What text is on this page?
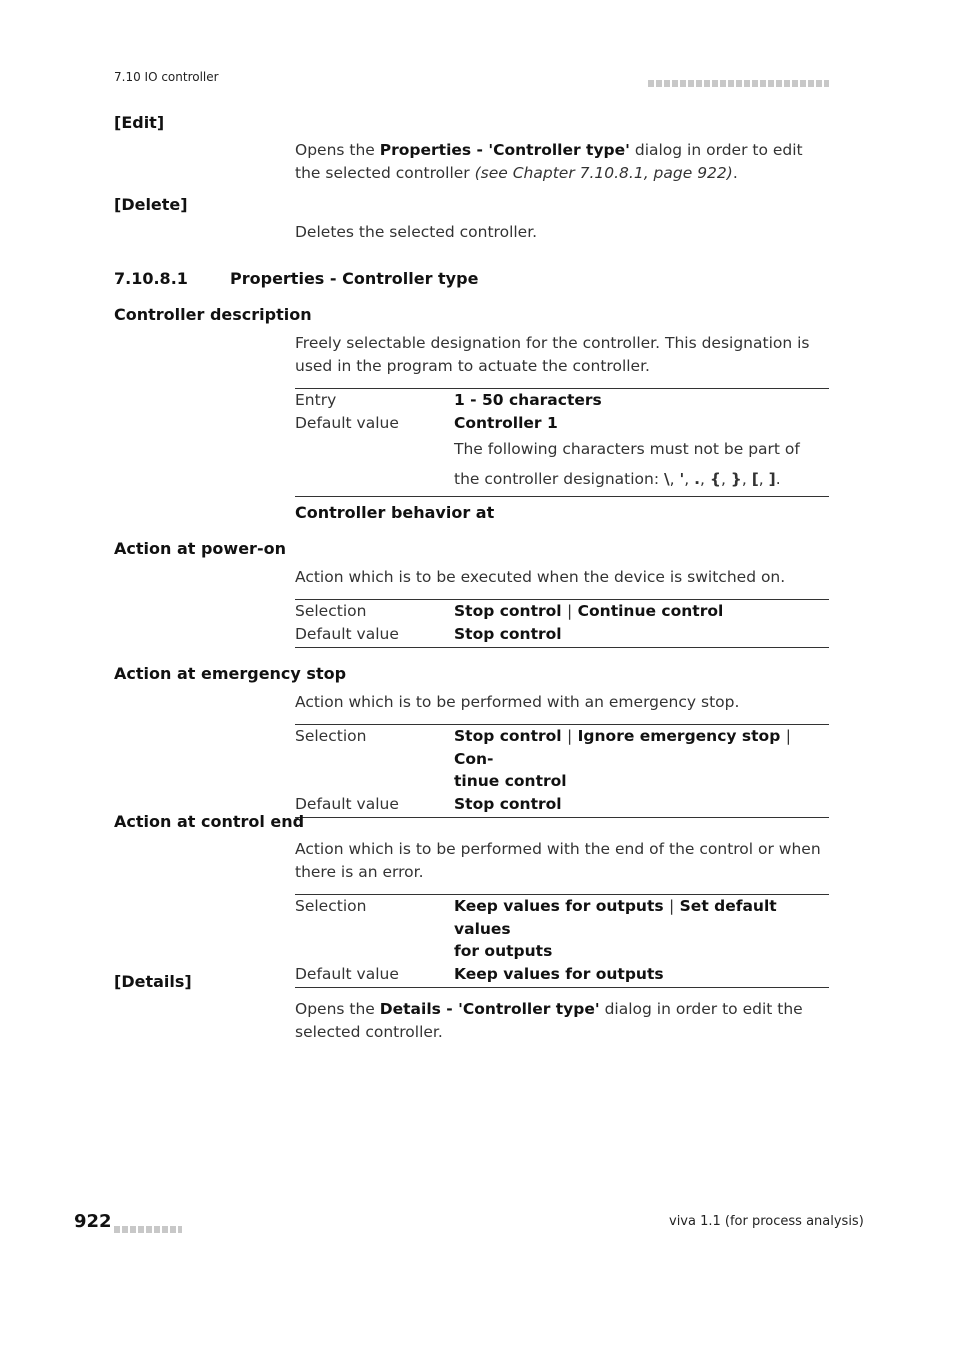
7.10 IO controller
[Edit]
Opens the Properties - 'Controller type' dialog in order to edit the selected controller (see Chapter 7.10.8.1, page 922).
[Delete]
Deletes the selected controller.
7.10.8.1	Properties - Controller type
Controller description
Freely selectable designation for the controller. This designation is used in the program to actuate the controller.
Entry	1 - 50 characters
Default value	Controller 1
The following characters must not be part of the controller designation: \, ', ., {, }, [, ].
Controller behavior at
Action at power-on
Action which is to be executed when the device is switched on.
Selection	Stop control | Continue control
Default value	Stop control
Action at emergency stop
Action which is to be performed with an emergency stop.
Selection	Stop control | Ignore emergency stop | Con-
tinue control
Default value	Stop control
Action at control end
Action which is to be performed with the end of the control or when there is an error.
Selection	Keep values for outputs | Set default values
for outputs
Default value	Keep values for outputs
[Details]
Opens the Details - 'Controller type' dialog in order to edit the selected controller.
922	viva 1.1 (for process analysis)
